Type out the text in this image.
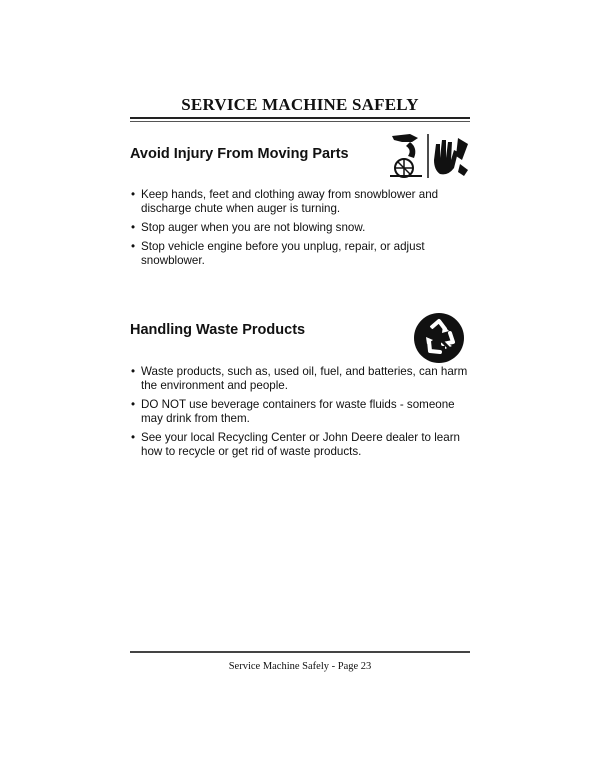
SERVICE MACHINE SAFELY
Avoid Injury From Moving Parts
• Keep hands, feet and clothing away from snowblower and discharge chute when auger is turning.
• Stop auger when you are not blowing snow.
• Stop vehicle engine before you unplug, repair, or adjust snowblower.
Handling Waste Products
• Waste products, such as, used oil, fuel, and batteries, can harm the environment and people.
• DO NOT use beverage containers for waste fluids - someone may drink from them.
• See your local Recycling Center or John Deere dealer to learn how to recycle or get rid of waste products.
Service Machine Safely - Page 23
